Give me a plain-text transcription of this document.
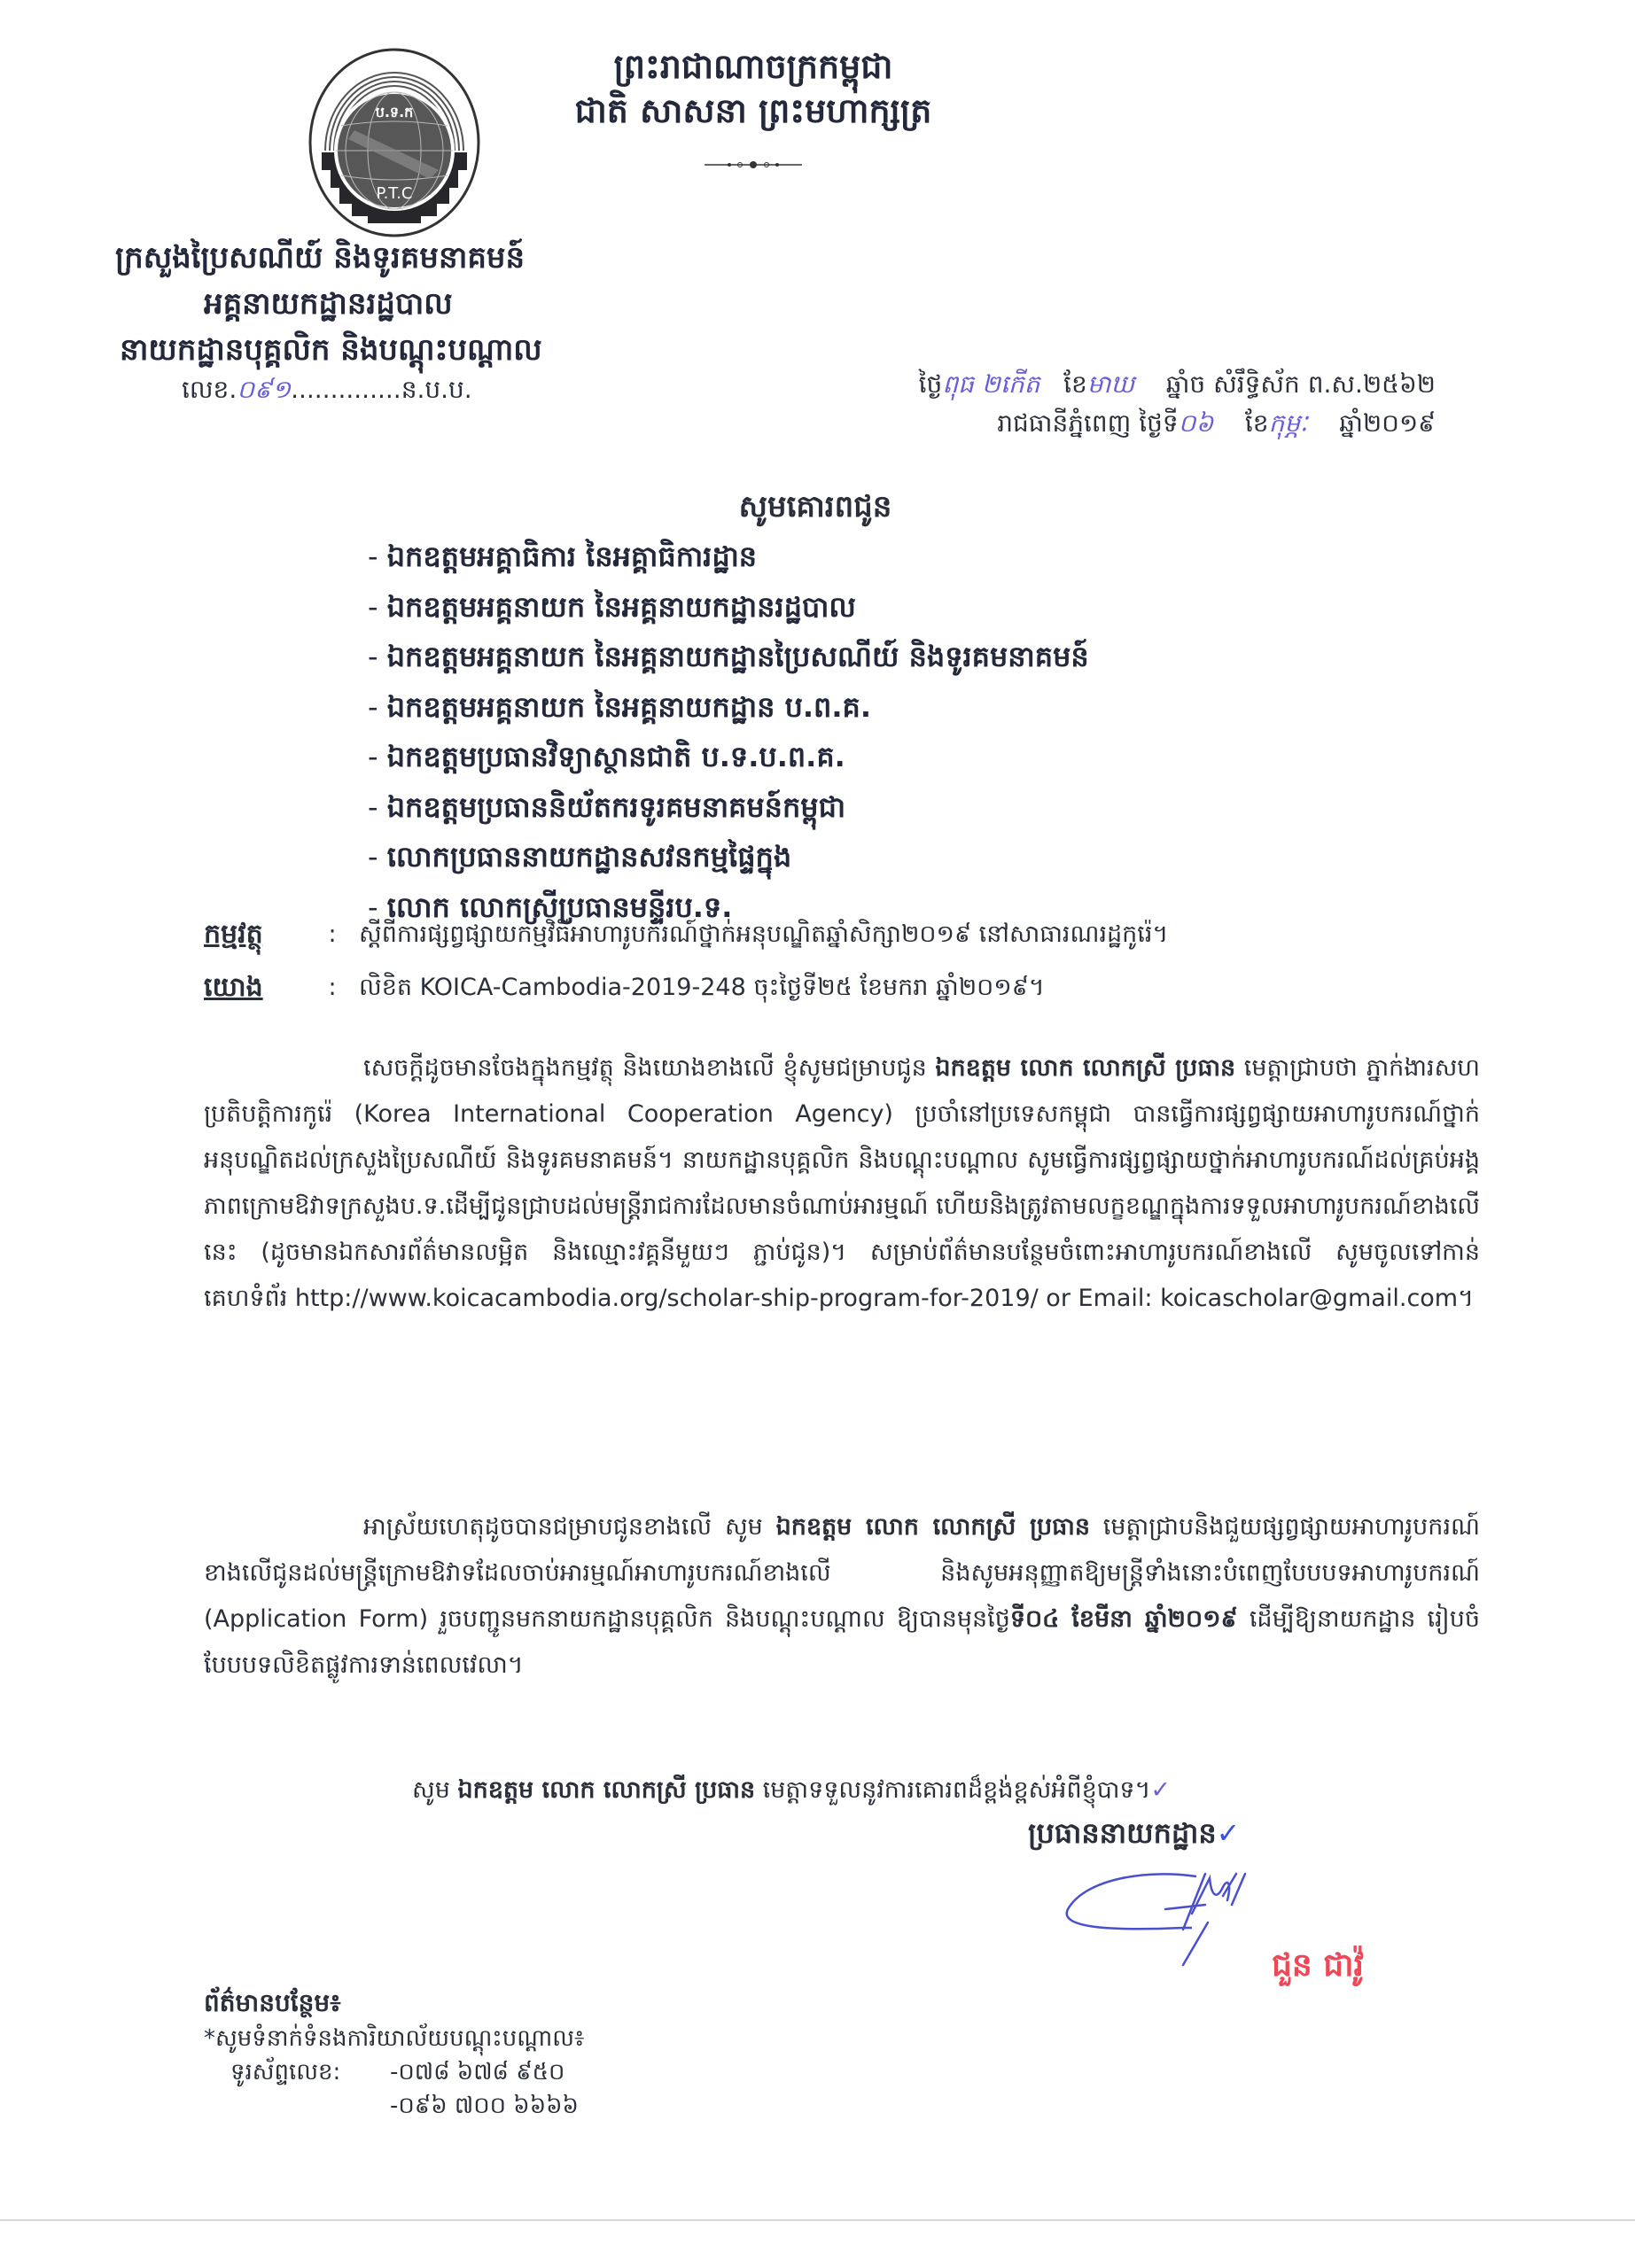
ប.ទ.ក
P.T.C
ព្រះរាជាណាចក្រកម្ពុជា
ជាតិ សាសនា ព្រះមហាក្សត្រ
ក្រសួងប្រៃសណីយ៍ និងទូរគមនាគមន៍
អគ្គនាយកដ្ឋានរដ្ឋបាល
នាយកដ្ឋានបុគ្គលិក និងបណ្តុះបណ្តាល
លេខ.០៩១..............ន.ប.ប.	ថ្ងៃពុធ ២កើត ខែមាឃ ឆ្នាំច សំរឹទ្ធិស័ក ព.ស.២៥៦២
រាជធានីភ្នំពេញ ថ្ងៃទី០៦ ខែកុម្ភៈ ឆ្នាំ២០១៩
សូមគោរពជូន
- ឯកឧត្តមអគ្គាធិការ នៃអគ្គាធិការដ្ឋាន
- ឯកឧត្តមអគ្គនាយក នៃអគ្គនាយកដ្ឋានរដ្ឋបាល
- ឯកឧត្តមអគ្គនាយក នៃអគ្គនាយកដ្ឋានប្រៃសណីយ៍ និងទូរគមនាគមន៍
- ឯកឧត្តមអគ្គនាយក នៃអគ្គនាយកដ្ឋាន ប.ព.គ.
- ឯកឧត្តមប្រធានវិទ្យាស្ថានជាតិ ប.ទ.ប.ព.គ.
- ឯកឧត្តមប្រធាននិយ័តករទូរគមនាគមន៍កម្ពុជា
- លោកប្រធាននាយកដ្ឋានសវនកម្មផ្ទៃក្នុង
- លោក លោកស្រីប្រធានមន្ទីរប.ទ.
កម្មវត្ថុ	: ស្តីពីការផ្សព្វផ្សាយកម្មវិធីអាហារូបករណ៍ថ្នាក់អនុបណ្ឌិតឆ្នាំសិក្សា២០១៩ នៅសាធារណរដ្ឋកូរ៉េ។
យោង	: លិខិត KOICA-Cambodia-2019-248 ចុះថ្ងៃទី២៥ ខែមករា ឆ្នាំ២០១៩។
សេចក្តីដូចមានចែងក្នុងកម្មវត្ថុ និងយោងខាងលើ ខ្ញុំសូមជម្រាបជូន ឯកឧត្តម លោក លោកស្រី ប្រធាន មេត្តាជ្រាបថា ភ្នាក់ងារសហប្រតិបត្តិការកូរ៉េ (Korea International Cooperation Agency) ប្រចាំនៅប្រទេសកម្ពុជា បានធ្វើការផ្សព្វផ្សាយអាហារូបករណ៍ថ្នាក់អនុបណ្ឌិតដល់ក្រសួងប្រៃសណីយ៍ និងទូរគមនាគមន៍។ នាយកដ្ឋានបុគ្គលិក និងបណ្តុះបណ្តាល សូមធ្វើការផ្សព្វផ្សាយថ្នាក់អាហារូបករណ៍ដល់គ្រប់អង្គភាពក្រោមឱវាទក្រសួងប.ទ.ដើម្បីជូនជ្រាបដល់មន្ត្រីរាជការដែលមានចំណាប់អារម្មណ៍ ហើយនិងត្រូវតាមលក្ខខណ្ឌក្នុងការទទួលអាហារូបករណ៍ខាងលើនេះ (ដូចមានឯកសារព័ត៌មានលម្អិត និងឈ្មោះវគ្គនីមួយៗ ភ្ជាប់ជូន)។ សម្រាប់ព័ត៌មានបន្ថែមចំពោះអាហារូបករណ៍ខាងលើ សូមចូលទៅកាន់គេហទំព័រ http://www.koicacambodia.org/scholar-ship-program-for-2019/ or Email: koicascholar@gmail.com។
អាស្រ័យហេតុដូចបានជម្រាបជូនខាងលើ សូម ឯកឧត្តម លោក លោកស្រី ប្រធាន មេត្តាជ្រាបនិងជួយផ្សព្វផ្សាយអាហារូបករណ៍ខាងលើជូនដល់មន្ត្រីក្រោមឱវាទដែលចាប់អារម្មណ៍អាហារូបករណ៍ខាងលើ និងសូមអនុញ្ញាតឱ្យមន្ត្រីទាំងនោះបំពេញបែបបទអាហារូបករណ៍ (Application Form) រួចបញ្ជូនមកនាយកដ្ឋានបុគ្គលិក និងបណ្តុះបណ្តាល ឱ្យបានមុនថ្ងៃទី០៤ ខែមីនា ឆ្នាំ២០១៩ ដើម្បីឱ្យនាយកដ្ឋាន រៀបចំបែបបទលិខិតផ្លូវការទាន់ពេលវេលា។
សូម ឯកឧត្តម លោក លោកស្រី ប្រធាន មេត្តាទទួលនូវការគោរពដ៏ខ្ពង់ខ្ពស់អំពីខ្ញុំបាទ។✓
ប្រធាននាយកដ្ឋាន✓
ជួន ជាវ៉ូ
ព័ត៌មានបន្ថែម៖
*សូមទំនាក់ទំនងការិយាល័យបណ្តុះបណ្តាល៖
ទូរស័ព្ទលេខ:	-០៧៨ ៦៧៨ ៩៥០
-០៩៦ ៧០០ ៦៦៦៦
